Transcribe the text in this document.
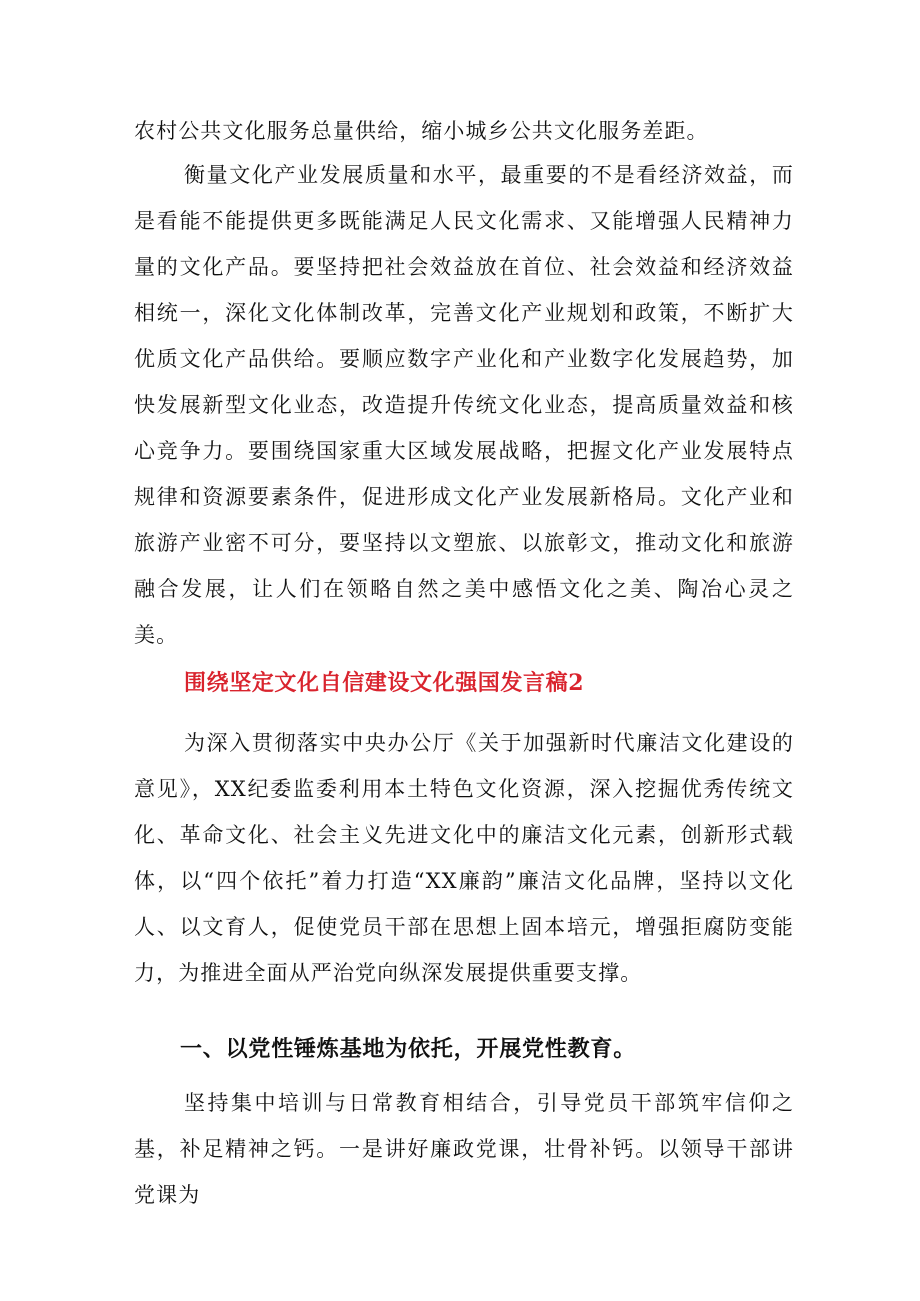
农村公共文化服务总量供给，缩小城乡公共文化服务差距。

衡量文化产业发展质量和水平，最重要的不是看经济效益，而是看能不能提供更多既能满足人民文化需求、又能增强人民精神力量的文化产品。要坚持把社会效益放在首位、社会效益和经济效益相统一，深化文化体制改革，完善文化产业规划和政策，不断扩大优质文化产品供给。要顺应数字产业化和产业数字化发展趋势，加快发展新型文化业态，改造提升传统文化业态，提高质量效益和核心竞争力。要围绕国家重大区域发展战略，把握文化产业发展特点规律和资源要素条件，促进形成文化产业发展新格局。文化产业和旅游产业密不可分，要坚持以文塑旅、以旅彰文，推动文化和旅游融合发展，让人们在领略自然之美中感悟文化之美、陶冶心灵之美。

围绕坚定文化自信建设文化强国发言稿2

为深入贯彻落实中央办公厅《关于加强新时代廉洁文化建设的意见》，XX纪委监委利用本土特色文化资源，深入挖掘优秀传统文化、革命文化、社会主义先进文化中的廉洁文化元素，创新形式载体，以“四个依托”着力打造“XX廉韵”廉洁文化品牌，坚持以文化人、以文育人，促使党员干部在思想上固本培元，增强拒腐防变能力，为推进全面从严治党向纵深发展提供重要支撑。

一、以党性锤炼基地为依托，开展党性教育。

坚持集中培训与日常教育相结合，引导党员干部筑牢信仰之基，补足精神之钙。一是讲好廉政党课，壮骨补钙。以领导干部讲党课为
